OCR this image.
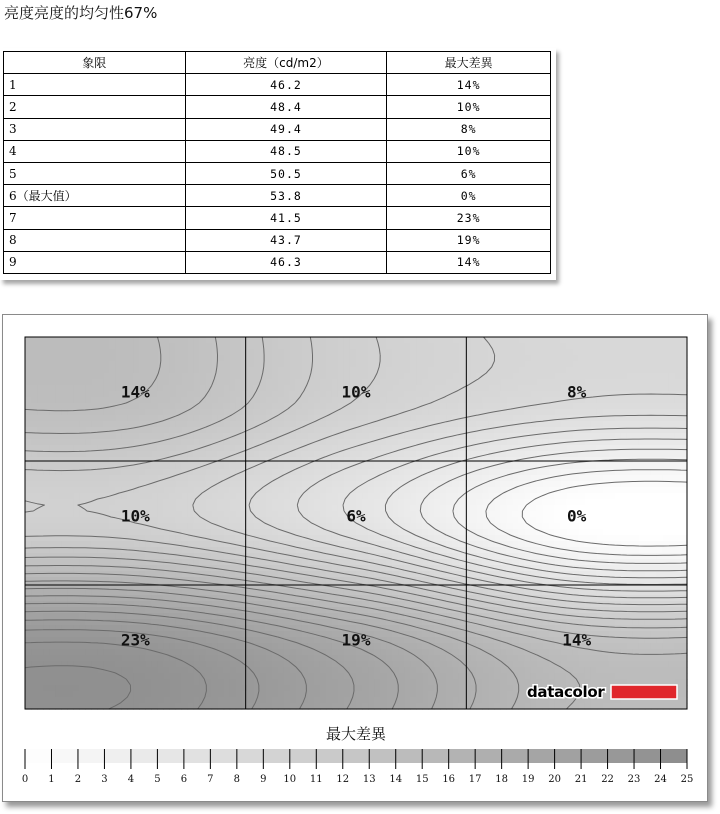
亮度亮度的均匀性67%
象限	亮度（cd/m2）	最大差異
1	46.2	14%
2	48.4	10%
3	49.4	8%
4	48.5	10%
5	50.5	6%
6（最大值）	53.8	0%
7	41.5	23%
8	43.7	19%
9	46.3	14%
14%	10%	8%
10%	6%	0%
23%	19%	14%
datacolor
最大差異
0 1 2 3 4 5 6 7 8 9 10 11 12 13 14 15 16 17 18 19 20 21 22 23 24 25
